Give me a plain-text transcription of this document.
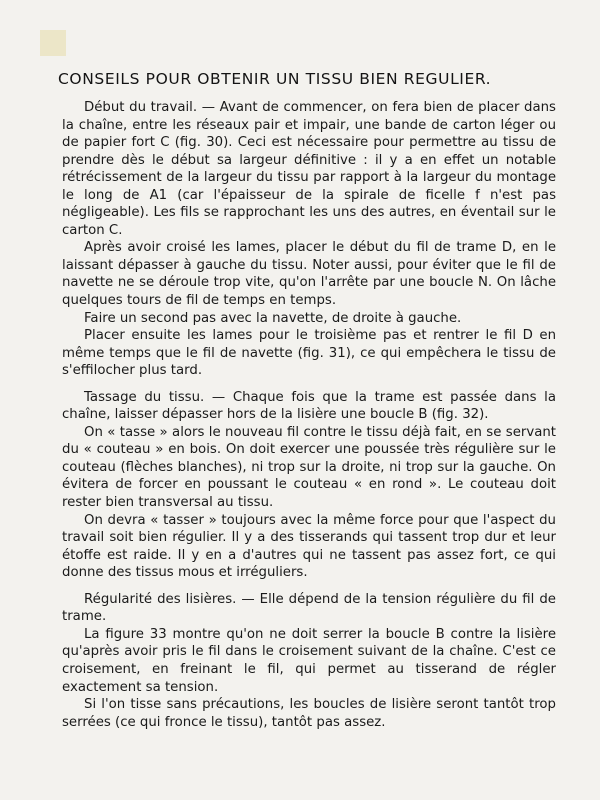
CONSEILS POUR OBTENIR UN TISSU BIEN REGULIER.

Début du travail. — Avant de commencer, on fera bien de placer dans la chaîne, entre les réseaux pair et impair, une bande de carton léger ou de papier fort C (fig. 30). Ceci est nécessaire pour permettre au tissu de prendre dès le début sa largeur définitive : il y a en effet un notable rétrécissement de la largeur du tissu par rapport à la largeur du montage le long de A1 (car l'épaisseur de la spirale de ficelle f n'est pas négligeable). Les fils se rapprochant les uns des autres, en éventail sur le carton C.

Après avoir croisé les lames, placer le début du fil de trame D, en le laissant dépasser à gauche du tissu. Noter aussi, pour éviter que le fil de navette ne se déroule trop vite, qu'on l'arrête par une boucle N. On lâche quelques tours de fil de temps en temps.

Faire un second pas avec la navette, de droite à gauche.

Placer ensuite les lames pour le troisième pas et rentrer le fil D en même temps que le fil de navette (fig. 31), ce qui empêchera le tissu de s'effilocher plus tard.

Tassage du tissu. — Chaque fois que la trame est passée dans la chaîne, laisser dépasser hors de la lisière une boucle B (fig. 32).

On « tasse » alors le nouveau fil contre le tissu déjà fait, en se servant du « couteau » en bois. On doit exercer une poussée très régulière sur le couteau (flèches blanches), ni trop sur la droite, ni trop sur la gauche. On évitera de forcer en poussant le couteau « en rond ». Le couteau doit rester bien transversal au tissu.

On devra « tasser » toujours avec la même force pour que l'aspect du travail soit bien régulier. Il y a des tisserands qui tassent trop dur et leur étoffe est raide. Il y en a d'autres qui ne tassent pas assez fort, ce qui donne des tissus mous et irréguliers.

Régularité des lisières. — Elle dépend de la tension régulière du fil de trame.

La figure 33 montre qu'on ne doit serrer la boucle B contre la lisière qu'après avoir pris le fil dans le croisement suivant de la chaîne. C'est ce croisement, en freinant le fil, qui permet au tisserand de régler exactement sa tension.

Si l'on tisse sans précautions, les boucles de lisière seront tantôt trop serrées (ce qui fronce le tissu), tantôt pas assez.
